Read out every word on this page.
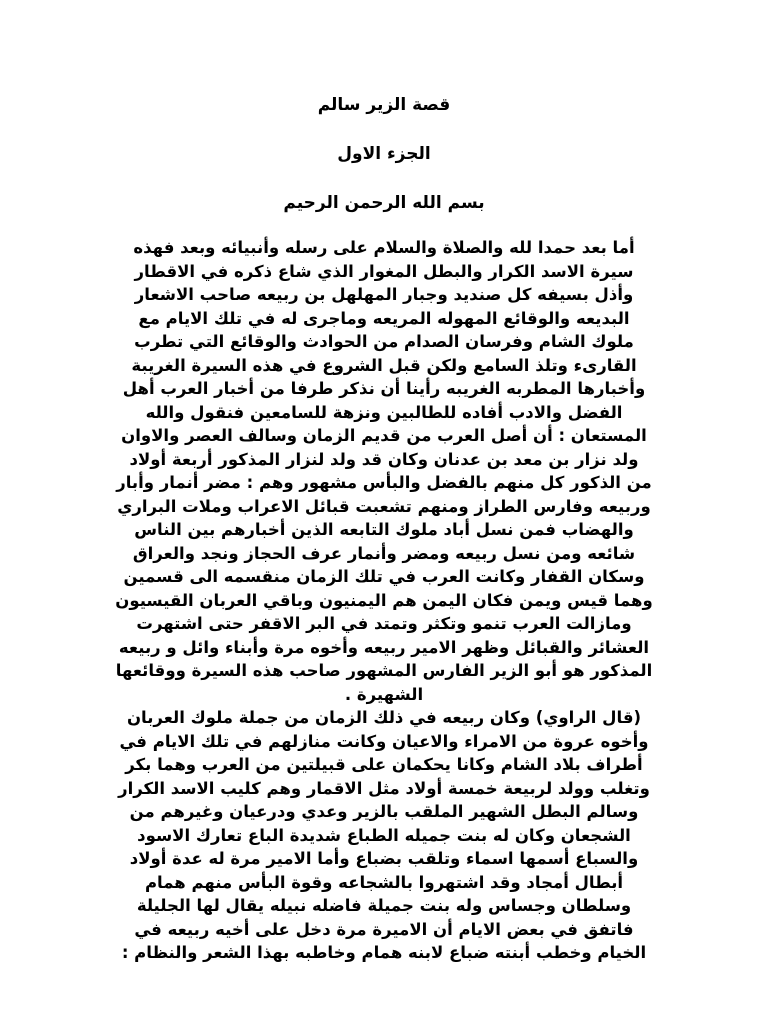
قصة الزير سالم
الجزء الاول
بسم الله الرحمن الرحيم
أما بعد حمدا لله والصلاة والسلام على رسله وأنبيائه وبعد فهذه
سيرة الاسد الكرار والبطل المغوار الذي شاع ذكره في الاقطار
وأذل بسيفه كل صنديد وجبار المهلهل بن ربيعه صاحب الاشعار
البديعه والوقائع المهوله المريعه وماجرى له في تلك الايام مع
ملوك الشام وفرسان الصدام من الحوادث والوقائع التي تطرب
القارىء وتلذ السامع ولكن قبل الشروع في هذه السيرة الغريبة
وأخبارها المطربه الغريبه رأينا أن نذكر طرفا من أخبار العرب أهل
الفضل والادب أفاده للطالبين ونزهة للسامعين فنقول والله
المستعان : أن أصل العرب من قديم الزمان وسالف العصر والاوان
ولد نزار بن معد بن عدنان وكان قد ولد لنزار المذكور أربعة أولاد
من الذكور كل منهم بالفضل والبأس مشهور وهم : مضر أنمار وأبار
وربيعه وفارس الطراز ومنهم تشعبت قبائل الاعراب وملات البراري
والهضاب فمن نسل أباد ملوك التابعه الذين أخبارهم بين الناس
شائعه ومن نسل ربيعه ومضر وأنمار عرف الحجاز ونجد والعراق
وسكان القفار وكانت العرب في تلك الزمان منقسمه الى قسمين
وهما قيس ويمن فكان اليمن هم اليمنيون وباقي العربان القيسيون
ومازالت العرب تنمو وتكثر وتمتد في البر الاقفر حتى اشتهرت
العشائر والقبائل وظهر الامير ربيعه وأخوه مرة وأبناء وائل و ربيعه
المذكور هو أبو الزير الفارس المشهور صاحب هذه السيرة ووقائعها
الشهيرة .
(قال الراوي) وكان ربيعه في ذلك الزمان من جملة ملوك العربان
وأخوه عروة من الامراء والاعيان وكانت منازلهم في تلك الايام في
أطراف بلاد الشام وكانا يحكمان على قبيلتين من العرب وهما بكر
وتغلب وولد لربيعة خمسة أولاد مثل الاقمار وهم كليب الاسد الكرار
وسالم البطل الشهير الملقب بالزير وعدي ودرعيان وغيرهم من
الشجعان وكان له بنت جميله الطباع شديدة الباع تعارك الاسود
والسباع أسمها اسماء وتلقب بضباع وأما الامير مرة له عدة أولاد
أبطال أمجاد وقد اشتهروا بالشجاعه وقوة البأس منهم همام
وسلطان وجساس وله بنت جميلة فاضله نبيله يقال لها الجليلة
فاتفق في بعض الايام أن الاميرة مرة دخل على أخيه ربيعه في
الخيام وخطب أبنته ضباع لابنه همام وخاطبه بهذا الشعر والنظام :
